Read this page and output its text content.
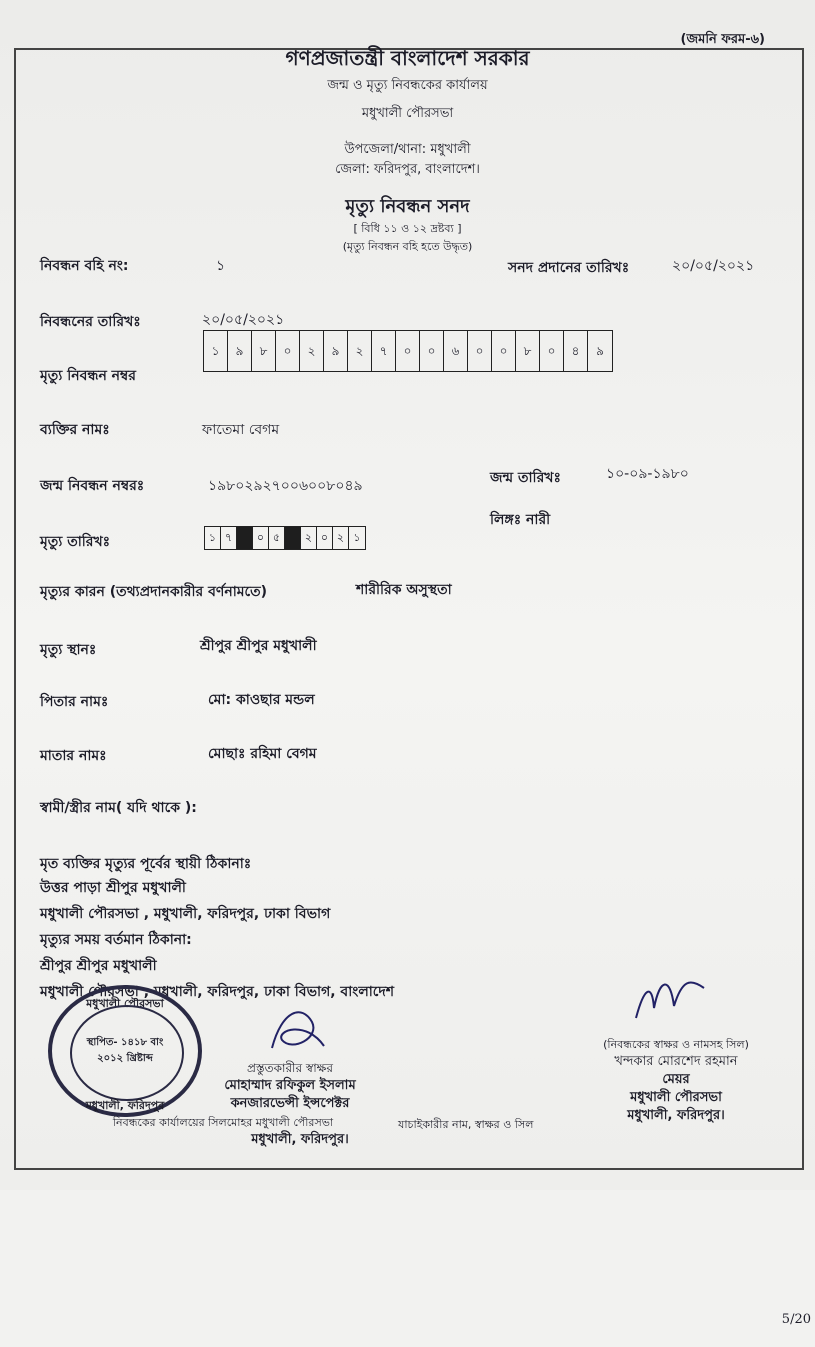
(জমনি ফরম-৬)
গণপ্রজাতন্ত্রী বাংলাদেশ সরকার
জন্ম ও মৃত্যু নিবন্ধকের কার্যালয়
মধুখালী পৌরসভা
উপজেলা/থানা: মধুখালী
জেলা: ফরিদপুর, বাংলাদেশ।
মৃত্যু নিবন্ধন সনদ
[ বিধি ১১ ও ১২ দ্রষ্টব্য ]
(মৃত্যু নিবন্ধন বহি হতে উদ্ধৃত)
নিবন্ধন বহি নং:	১	সনদ প্রদানের তারিখঃ	২০/০৫/২০২১
নিবন্ধনের তারিখঃ	২০/০৫/২০২১
মৃত্যু নিবন্ধন নম্বর
১	৯	৮	০	২	৯	২	৭	০	০	৬	০	০	৮	০	৪	৯
ব্যক্তির নামঃ	ফাতেমা বেগম
জন্ম নিবন্ধন নম্বরঃ	১৯৮০২৯২৭০০৬০০৮০৪৯	জন্ম তারিখঃ	১০-০৯-১৯৮০
লিঙ্গঃ নারী
মৃত্যু তারিখঃ	১ ৭	০ ৫	২ ০ ২ ১
মৃত্যুর কারন (তথ্যপ্রদানকারীর বর্ণনামতে)	শারীরিক অসুস্থতা
মৃত্যু স্থানঃ	শ্রীপুর শ্রীপুর মধুখালী
পিতার নামঃ	মো: কাওছার মন্ডল
মাতার নামঃ	মোছাঃ রহিমা বেগম
স্বামী/স্ত্রীর নাম( যদি থাকে ):
মৃত ব্যক্তির মৃত্যুর পূর্বের স্থায়ী ঠিকানাঃ
উত্তর পাড়া শ্রীপুর মধুখালী
মধুখালী পৌরসভা , মধুখালী, ফরিদপুর, ঢাকা বিভাগ
মৃত্যুর সময় বর্তমান ঠিকানা:
শ্রীপুর শ্রীপুর মধুখালী
মধুখালী পৌরসভা , মধুখালী, ফরিদপুর, ঢাকা বিভাগ, বাংলাদেশ
মধুখালী পৌরসভা
স্থাপিত- ১৪১৮ বাং
২০১২ খ্রিষ্টাব্দ
মধুখালী, ফরিদপুর
প্রস্তুতকারীর স্বাক্ষর
মোহাম্মাদ রফিকুল ইসলাম
কনজারভেন্সী ইন্সপেক্টর
নিবন্ধকের কার্যালয়ের সিলমোহর মধুখালী পৌরসভা
মধুখালী, ফরিদপুর।
যাচাইকারীর নাম, স্বাক্ষর ও সিল
(নিবন্ধকের স্বাক্ষর ও নামসহ সিল)
খন্দকার মোরশেদ রহমান
মেয়র
মধুখালী পৌরসভা
মধুখালী, ফরিদপুর।
5/20
